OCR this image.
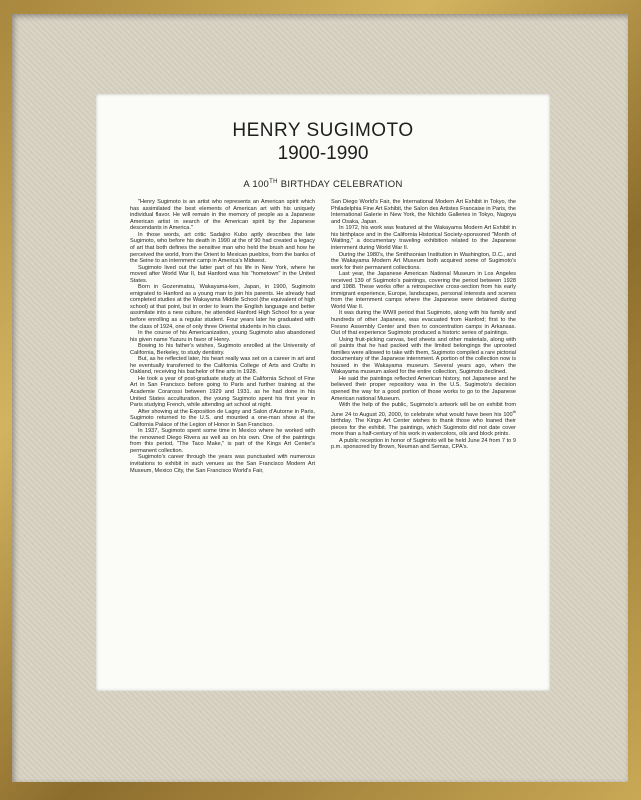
HENRY SUGIMOTO
1900-1990
A 100TH BIRTHDAY CELEBRATION

"Henry Sugimoto is an artist who represents an American spirit which has assimilated the best elements of American art with his uniquely individual flavor. He will remain in the memory of people as a Japanese American artist in search of the American spirit by the Japanese descendants in America."

In those words, art critic Sadajiro Kubo aptly describes the late Sugimoto, who before his death in 1990 at the of 90 had created a legacy of art that both defines the sensitive man who held the brush and how he perceived the world, from the Orient to Mexican pueblos, from the banks of the Seine to an internment camp in America's Midwest.

Sugimoto lived out the latter part of his life in New York, where he moved after World War II, but Hanford was his "hometown" in the United States.

Born in Gozenmatsu, Wakayama-ken, Japan, in 1900, Sugimoto emigrated to Hanford as a young man to join his parents. He already had completed studies at the Wakayama Middle School (the equivalent of high school) at that point, but in order to learn the English language and better assimilate into a new culture, he attended Hanford High School for a year before enrolling as a regular student. Four years later he graduated with the class of 1924, one of only three Oriental students in his class.

In the course of his Americanization, young Sugimoto also abandoned his given name Yuzuru in favor of Henry.

Bowing to his father's wishes, Sugimoto enrolled at the University of California, Berkeley, to study dentistry.

But, as he reflected later, his heart really was set on a career in art and he eventually transferred to the California College of Arts and Crafts in Oakland, receiving his bachelor of fine arts in 1928.

He took a year of post-graduate study at the California School of Fine Art in San Francisco before going to Paris and further training at the Academie Corarossi between 1929 and 1931. as he had done in his United States acculturation, the young Sugimoto spent his first year in Paris studying French, while attending art school at night.

After showing at the Exposition de Lagny and Salon d'Autorne in Paris, Sugimoto returned to the U.S. and mounted a one-man show at the California Palace of the Legion of Honor in San Francisco.

In 1937, Sugimoto spent some time in Mexico where he worked with the renowned Diego Rivera as well as on his own. One of the paintings from this period, "The Taco Make," is part of the Kings Art Center's permanent collection.

Sugimoto's career through the years was punctuated with numerous invitations to exhibit in such venues as the San Francisco Modern Art Museum, Mexico City, the San Francisco World's Fair,

San Diego World's Fair, the International Modern Art Exhibit in Tokyo, the Philadelphia Fine Art Exhibit, the Salon des Artistes Francaise in Paris, the International Galerie in New York, the Nichido Galleries in Tokyo, Nagoya and Osaka, Japan.

In 1972, his work was featured at the Wakayama Modern Art Exhibit in his birthplace and in the California Historical Society-sponsored "Month of Waiting," a documentary traveling exhibition related to the Japanese internment during World War II.

During the 1980's, the Smithsonian Institution in Washington, D.C., and the Wakayama Modern Art Museum both acquired some of Sugimoto's work for their permanent collections.

Last year, the Japanese American National Museum in Los Angeles received 139 of Sugimoto's paintings, covering the period between 1928 and 1988. These works offer a retrospective cross-section from his early immigrant experience, Europe, landscapes, personal interests and scenes from the internment camps where the Japanese were detained during World War II.

It was during the WWII period that Sugimoto, along with his family and hundreds of other Japanese, was evacuated from Hanford; first to the Fresno Assembly Center and then to concentration camps in Arkansas. Out of that experience Sugimoto produced a historic series of paintings.

Using fruit-picking canvas, bed sheets and other materials, along with oil paints that he had packed with the limited belongings the uprooted families were allowed to take with them, Sugimoto compiled a rare pictorial documentary of the Japanese internment. A portion of the collection now is housed in the Wakayama museum. Several years ago, when the Wakayama museum asked for the entire collection, Sugimoto declined.

He said the paintings reflected American history, not Japanese and he believed their proper repository was in the U.S. Sugimoto's decision opened the way for a good portion of those works to go to the Japanese American national Museum.

With the help of the public, Sugimoto's artwork will be on exhibit from June 24 to August 20, 2000, to celebrate what would have been his 100th birthday. The Kings Art Center wishes to thank those who loaned their pieces for the exhibit. The paintings, which Sugimoto did not date cover more than a half-century of his work in watercolors, oils and block prints.

A public reception in honor of Sugimoto will be held June 24 from 7 to 9 p.m. sponsored by Brown, Neuman and Semas, CPA's.
